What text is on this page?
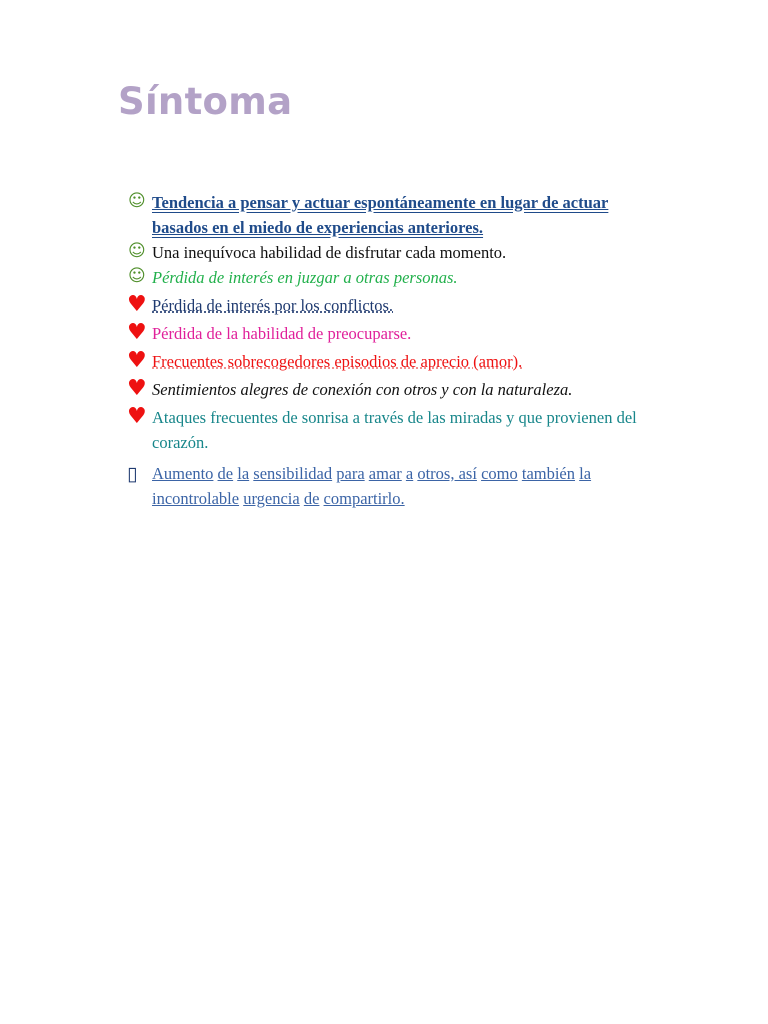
Síntoma
☺ Tendencia a pensar y actuar espontáneamente en lugar de actuar basados en el miedo de experiencias anteriores.
☺ Una inequívoca habilidad de disfrutar cada momento.
☺ Pérdida de interés en juzgar a otras personas.
♥ Pérdida de interés por los conflictos.
♥ Pérdida de la habilidad de preocuparse.
♥ Frecuentes sobrecogedores episodios de aprecio (amor).
♥ Sentimientos alegres de conexión con otros y con la naturaleza.
♥ Ataques frecuentes de sonrisa a través de las miradas y que provienen del corazón.
▯ Aumento de la sensibilidad para amar a otros, así como también la incontrolable urgencia de compartirlo.
